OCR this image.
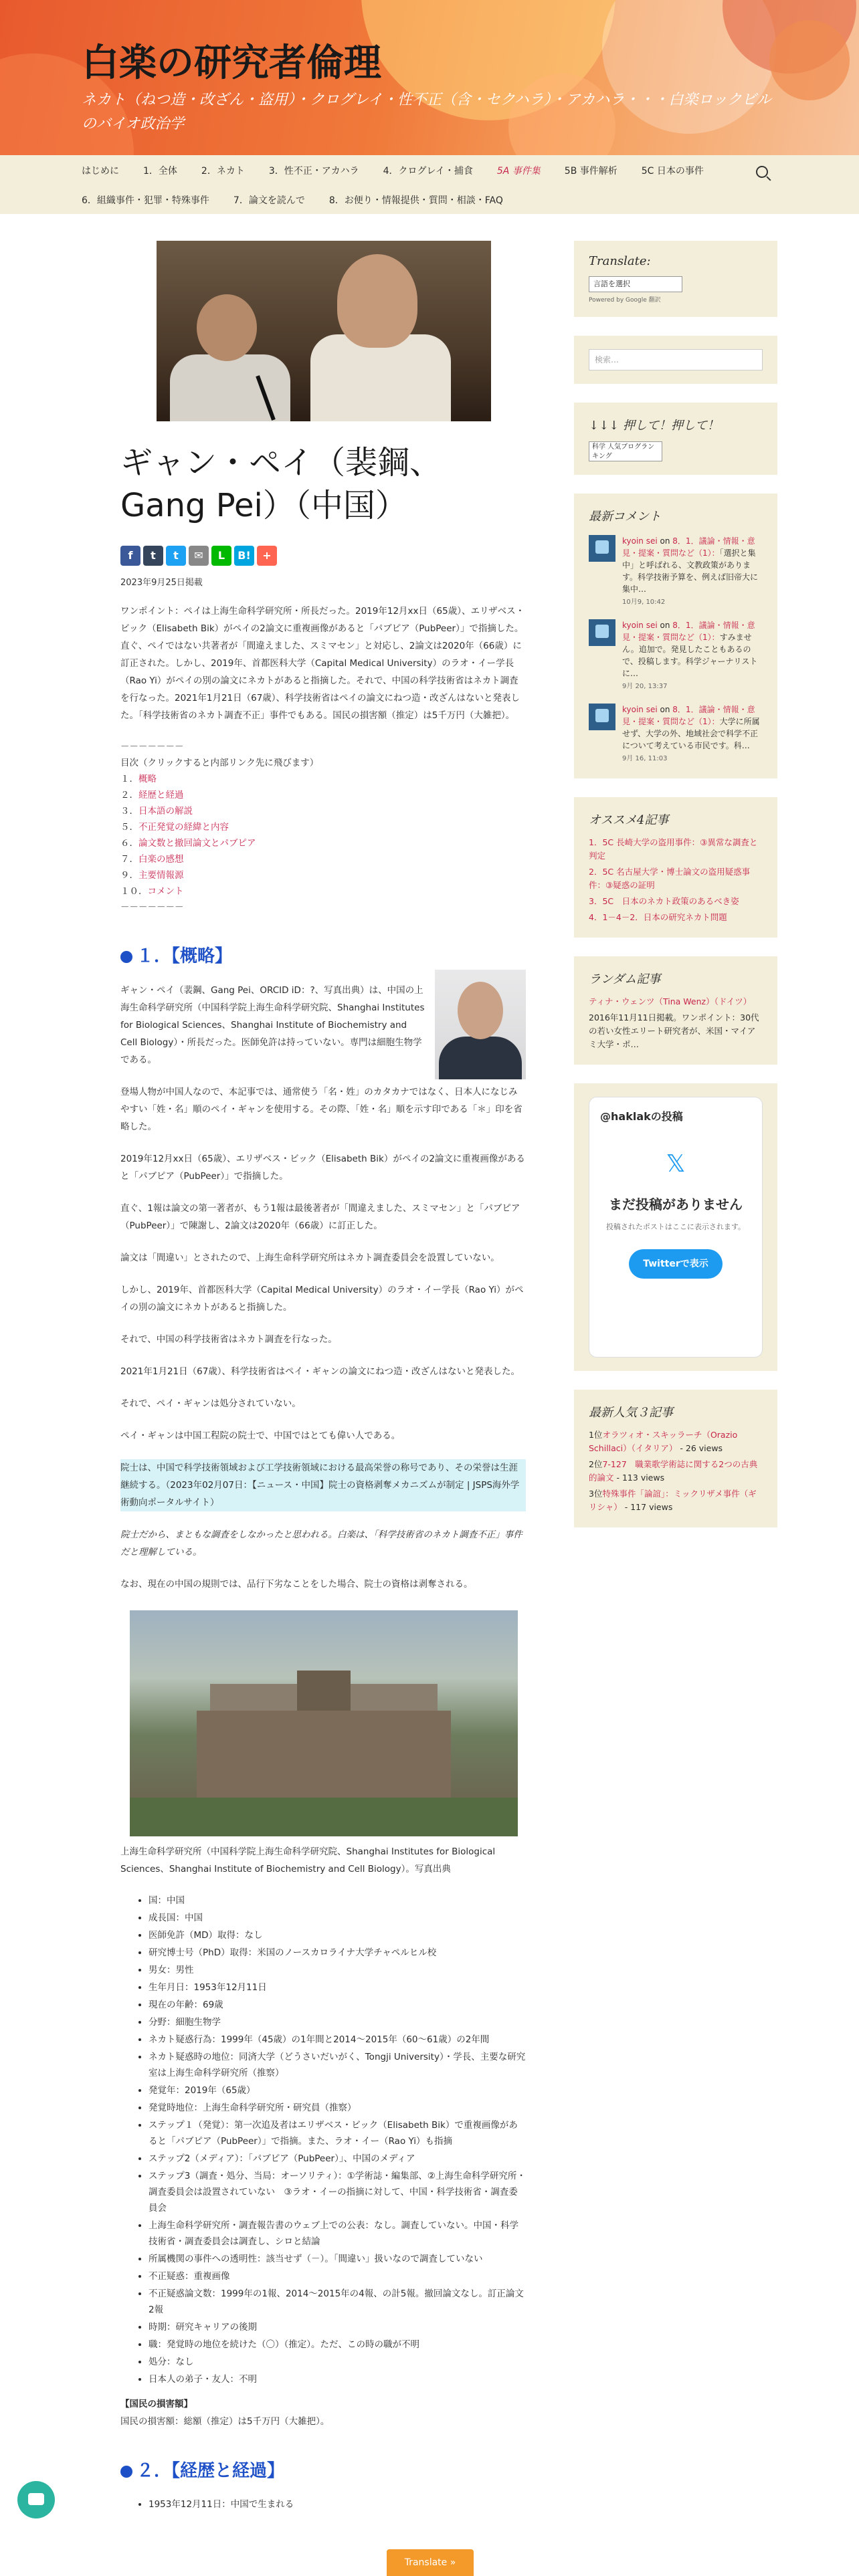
白楽の研究者倫理
ネカト（ねつ造・改ざん・盗用）・クログレイ・性不正（含・セクハラ）・アカハラ・・・白楽ロックビルのバイオ政治学
はじめに	1．全体	2．ネカト	3．性不正・アカハラ	4．クログレイ・捕食	5A 事件集	5B 事件解析	5C 日本の事件
6．組織事件・犯罪・特殊事件	7．論文を読んで	8．お便り・情報提供・質問・相談・FAQ
ギャン・ペイ（裴鋼、Gang Pei）（中国）
f	t	t	✉	L	B!	+
2023年9月25日掲載

ワンポイント：ペイは上海生命科学研究所・所長だった。2019年12月xx日（65歳）、エリザベス・ビック（Elisabeth Bik）がペイの2論文に重複画像があると「パブピア（PubPeer）」で指摘した。直ぐ、ペイではない共著者が「間違えました、スミマセン」と対応し、2論文は2020年（66歳）に訂正された。しかし、2019年、首都医科大学（Capital Medical University）のラオ・イー学長（Rao Yi）がペイの別の論文にネカトがあると指摘した。それで、中国の科学技術省はネカト調査を行なった。2021年1月21日（67歳）、科学技術省はペイの論文にねつ造・改ざんはないと発表した。「科学技術省のネカト調査不正」事件でもある。国民の損害額（推定）は5千万円（大雑把）。

－－－－－－－
目次（クリックすると内部リンク先に飛びます）
１．概略
２．経歴と経過
３．日本語の解説
５．不正発覚の経緯と内容
６．論文数と撤回論文とパブピア
７．白楽の感想
９．主要情報源
１０．コメント
－－－－－－－
１．【概略】

ギャン・ペイ（裴鋼、Gang Pei、ORCID iD：?、写真出典）は、中国の上海生命科学研究所（中国科学院上海生命科学研究院、Shanghai Institutes for Biological Sciences、Shanghai Institute of Biochemistry and Cell Biology）・所長だった。医師免許は持っていない。専門は細胞生物学である。

登場人物が中国人なので、本記事では、通常使う「名・姓」のカタカナではなく、日本人になじみやすい「姓・名」順のペイ・ギャンを使用する。その際、「姓・名」順を示す印である「＊」印を省略した。

2019年12月xx日（65歳）、エリザベス・ビック（Elisabeth Bik）がペイの2論文に重複画像があると「パブピア（PubPeer）」で指摘した。

直ぐ、1報は論文の第一著者が、もう1報は最後著者が「間違えました、スミマセン」と「パブピア（PubPeer）」で陳謝し、2論文は2020年（66歳）に訂正した。

論文は「間違い」とされたので、上海生命科学研究所はネカト調査委員会を設置していない。

しかし、2019年、首都医科大学（Capital Medical University）のラオ・イー学長（Rao Yi）がペイの別の論文にネカトがあると指摘した。

それで、中国の科学技術省はネカト調査を行なった。

2021年1月21日（67歳）、科学技術省はペイ・ギャンの論文にねつ造・改ざんはないと発表した。

それで、ペイ・ギャンは処分されていない。

ペイ・ギャンは中国工程院の院士で、中国ではとても偉い人である。

院士は、中国で科学技術領域および工学技術領域における最高栄誉の称号であり、その栄誉は生涯継続する。（2023年02月07日：【ニュース・中国】院士の資格剥奪メカニズムが制定 | JSPS海外学術動向ポータルサイト）

院士だから、まともな調査をしなかったと思われる。白楽は、「科学技術省のネカト調査不正」事件だと理解している。

なお、現在の中国の規則では、品行下劣なことをした場合、院士の資格は剥奪される。

上海生命科学研究所（中国科学院上海生命科学研究院、Shanghai Institutes for Biological Sciences、Shanghai Institute of Biochemistry and Cell Biology）。写真出典
• 国：中国
• 成長国：中国
• 医師免許（MD）取得：なし
• 研究博士号（PhD）取得：米国のノースカロライナ大学チャペルヒル校
• 男女：男性
• 生年月日：1953年12月11日
• 現在の年齢：69歳
• 分野：細胞生物学
• ネカト疑惑行為：1999年（45歳）の1年間と2014〜2015年（60〜61歳）の2年間
• ネカト疑惑時の地位：同済大学（どうさいだいがく、Tongji University）・学長、主要な研究室は上海生命科学研究所（推察）
• 発覚年：2019年（65歳）
• 発覚時地位：上海生命科学研究所・研究員（推察）
• ステップ１（発覚）：第一次追及者はエリザベス・ビック（Elisabeth Bik）で重複画像があると「パブピア（PubPeer）」で指摘。また、ラオ・イー（Rao Yi）も指摘
• ステップ2（メディア）：「パブピア（PubPeer）」、中国のメディア
• ステップ3（調査・処分、当局：オーソリティ）：①学術誌・編集部、②上海生命科学研究所・調査委員会は設置されていない　③ラオ・イーの指摘に対して、中国・科学技術省・調査委員会
• 上海生命科学研究所・調査報告書のウェブ上での公表：なし。調査していない。中国・科学技術省・調査委員会は調査し、シロと結論
• 所属機関の事件への透明性：該当せず（－）。「間違い」扱いなので調査していない
• 不正疑惑：重複画像
• 不正疑惑論文数：1999年の1報、2014〜2015年の4報、の計5報。撤回論文なし。訂正論文2報
• 時期：研究キャリアの後期
• 職：発覚時の地位を続けた（〇）（推定）。ただ、この時の職が不明
• 処分：なし
• 日本人の弟子・友人：不明

【国民の損害額】

国民の損害額：総額（推定）は5千万円（大雑把）。

２．【経歴と経過】
• 1953年12月11日：中国で生まれる
Translate:
言語を選択
Powered by Google 翻訳
検索…
↓↓↓ 押して！押して！
科学 人気ブログランキング
最新コメント
kyoin sei on 8．1．議論・情報・意見・提案・質問など（1）：「選択と集中」と呼ばれる、文教政策があります。科学技術予算を、例えば旧帝大に集中…
10月9, 10:42
kyoin sei on 8．1．議論・情報・意見・提案・質問など（1）：すみません。追加で。発見したこともあるので、投稿します。科学ジャーナリストに…
9月 20, 13:37
kyoin sei on 8．1．議論・情報・意見・提案・質問など（1）：大学に所属せず、大学の外、地域社会で科学不正について考えている市民です。科…
9月 16, 11:03
オススメ4記事
1．5C 長崎大学の盗用事件：③異常な調査と判定
2．5C 名古屋大学・博士論文の盗用疑惑事件：③疑惑の証明
3．5C　日本のネカト政策のあるべき姿
4．1－4－2．日本の研究ネカト問題
ランダム記事
ティナ・ウェンツ（Tina Wenz）（ドイツ）
2016年11月11日掲載。ワンポイント：30代の若い女性エリート研究者が、米国・マイアミ大学・ポ…
@haklakの投稿
𝕏
まだ投稿がありません
投稿されたポストはここに表示されます。
Twitterで表示
最新人気３記事
1位オラツィオ・スキッラーチ（Orazio Schillaci）（イタリア） - 26 views
2位7-127　職業歌学術誌に関する2つの古典的論文 - 113 views
3位特殊事件「論誼」：ミックリザメ事件（ギリシャ） - 117 views
Translate »
